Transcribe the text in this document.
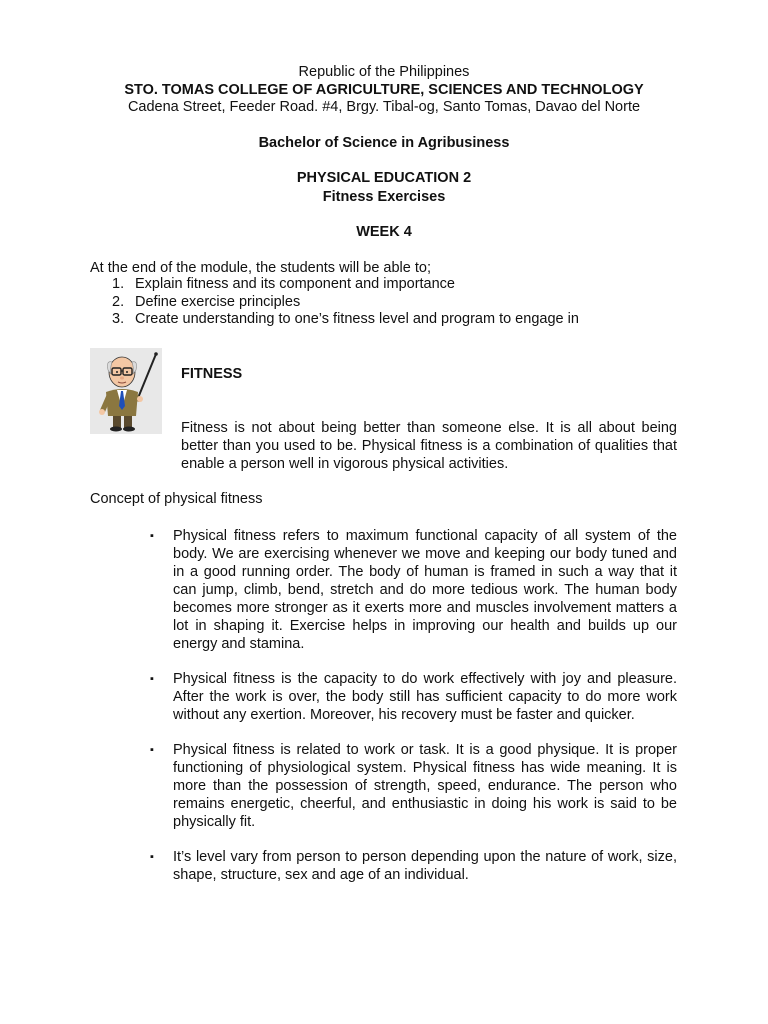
Republic of the Philippines
STO. TOMAS COLLEGE OF AGRICULTURE, SCIENCES AND TECHNOLOGY
Cadena Street, Feeder Road. #4, Brgy. Tibal-og, Santo Tomas, Davao del Norte
Bachelor of Science in Agribusiness
PHYSICAL EDUCATION 2
Fitness Exercises
WEEK 4
At the end of the module, the students will be able to;
1. Explain fitness and its component and importance
2. Define exercise principles
3. Create understanding to one’s fitness level and program to engage in
FITNESS
Fitness is not about being better than someone else. It is all about being better than you used to be. Physical fitness is a combination of qualities that enable a person well in vigorous physical activities.
Concept of physical fitness
▪ Physical fitness refers to maximum functional capacity of all system of the body. We are exercising whenever we move and keeping our body tuned and in a good running order. The body of human is framed in such a way that it can jump, climb, bend, stretch and do more tedious work. The human body becomes more stronger as it exerts more and muscles involvement matters a lot in shaping it. Exercise helps in improving our health and builds up our energy and stamina.
▪ Physical fitness is the capacity to do work effectively with joy and pleasure. After the work is over, the body still has sufficient capacity to do more work without any exertion. Moreover, his recovery must be faster and quicker.
▪ Physical fitness is related to work or task. It is a good physique. It is proper functioning of physiological system. Physical fitness has wide meaning. It is more than the possession of strength, speed, endurance. The person who remains energetic, cheerful, and enthusiastic in doing his work is said to be physically fit.
▪ It’s level vary from person to person depending upon the nature of work, size, shape, structure, sex and age of an individual.
